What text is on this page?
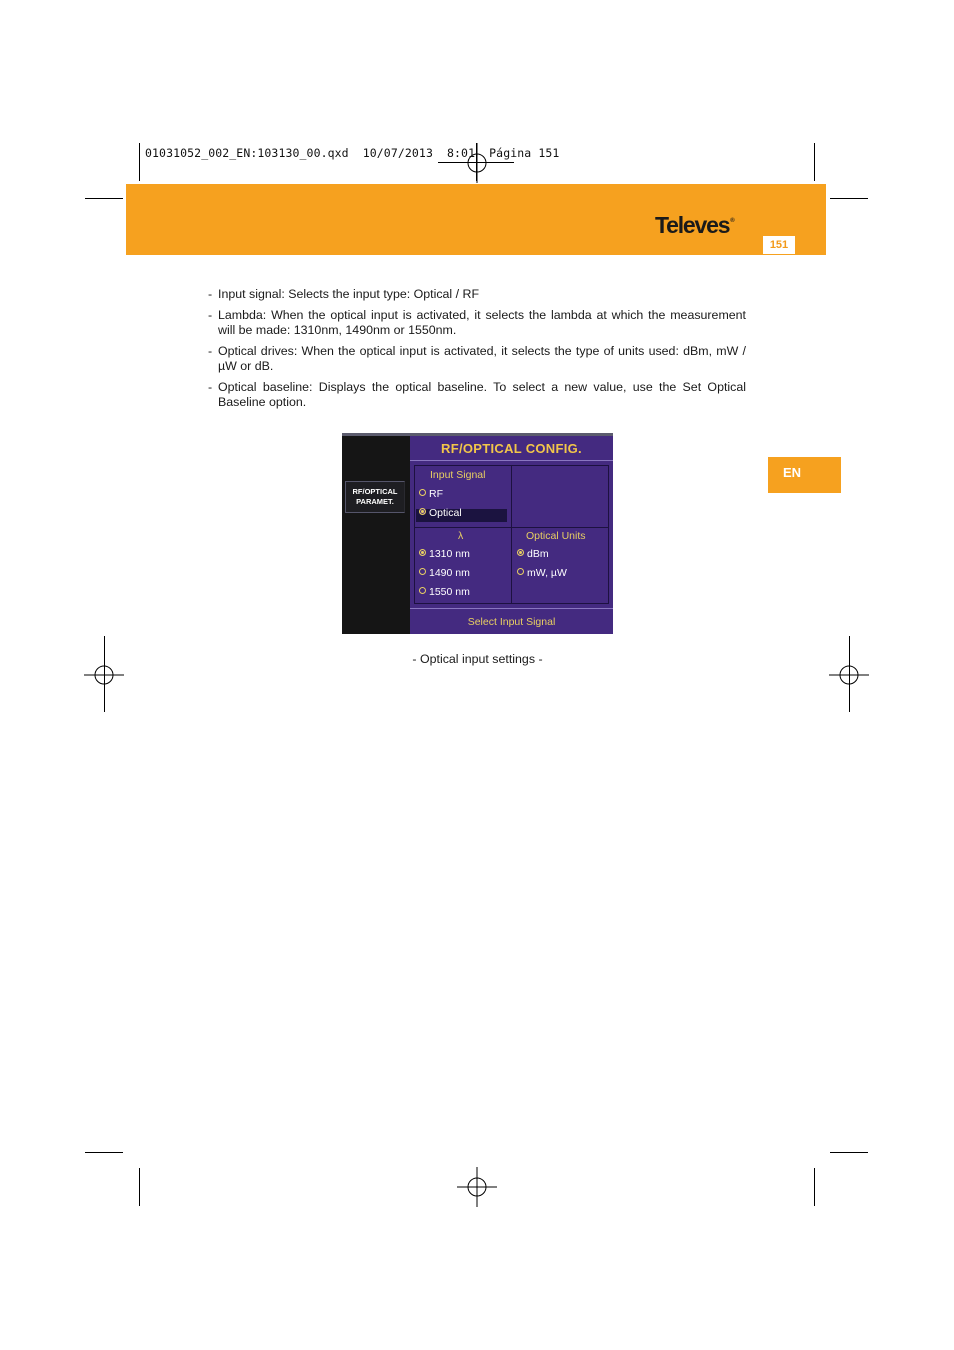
01031052_002_EN:103130_00.qxd  10/07/2013  8:01  Página 151
Televes®
151
EN
- Input signal: Selects the input type: Optical / RF
- Lambda: When the optical input is activated, it selects the lambda at which the measurement will be made: 1310nm, 1490nm or 1550nm.
- Optical drives: When the optical input is activated, it selects the type of units used: dBm, mW / µW or dB.
- Optical baseline: Displays the optical baseline. To select a new value, use the Set Optical Baseline option.
RF/OPTICAL
PARAMET.
RF/OPTICAL CONFIG.
Input Signal
RF
Optical
λ
1310 nm
1490 nm
1550 nm
Optical Units
dBm
mW, µW
Select Input Signal
- Optical input settings -
